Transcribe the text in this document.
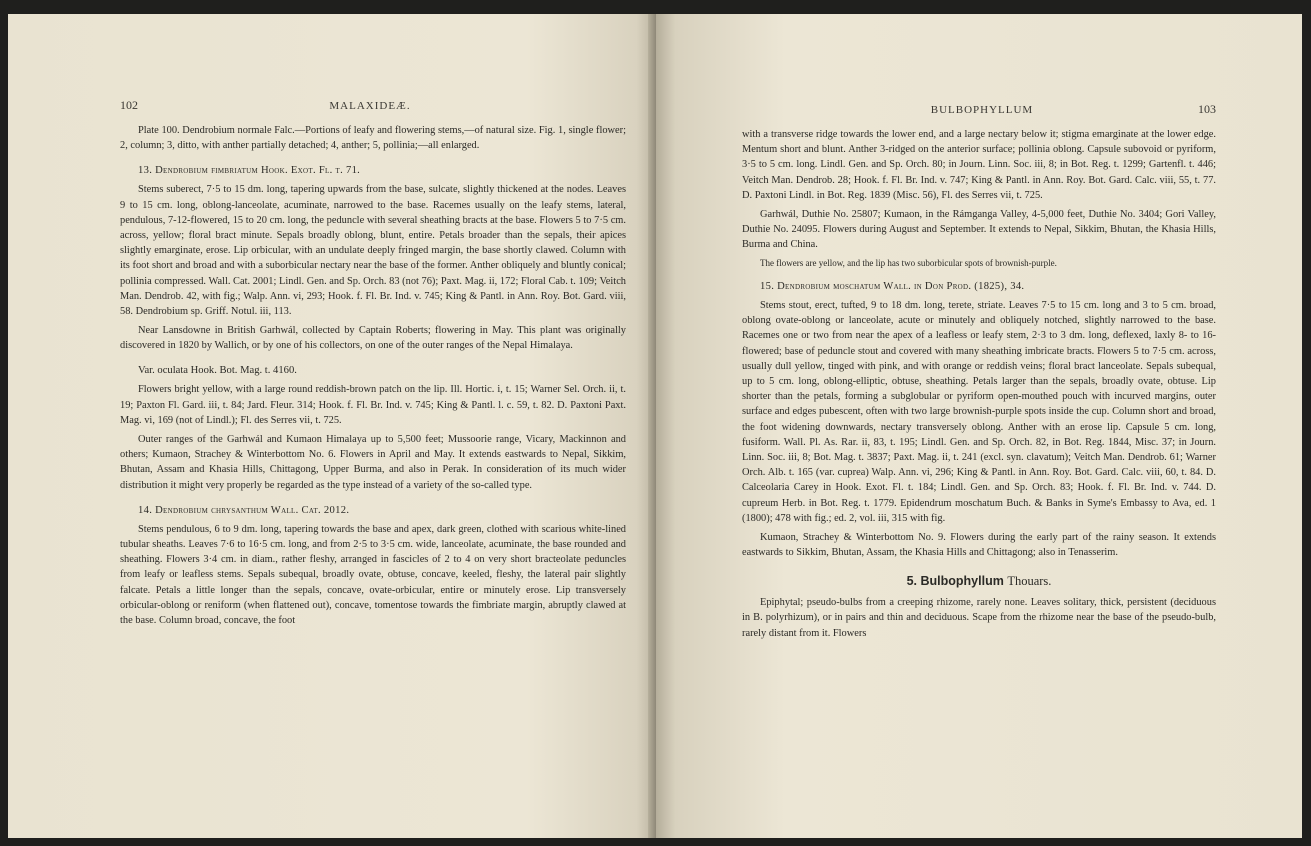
102	MALAXIDEÆ.

Plate 100. Dendrobium normale Falc.—Portions of leafy and flowering stems,—of natural size. Fig. 1, single flower; 2, column; 3, ditto, with anther partially detached; 4, anther; 5, pollinia;—all enlarged.

13. Dendrobium fimbriatum Hook. Exot. Fl. t. 71.

Stems suberect, 7·5 to 15 dm. long, tapering upwards from the base, sulcate, slightly thickened at the nodes. Leaves 9 to 15 cm. long, oblong-lanceolate, acuminate, narrowed to the base. Racemes usually on the leafy stems, lateral, pendulous, 7-12-flowered, 15 to 20 cm. long, the peduncle with several sheathing bracts at the base. Flowers 5 to 7·5 cm. across, yellow; floral bract minute. Sepals broadly oblong, blunt, entire. Petals broader than the sepals, their apices slightly emarginate, erose. Lip orbicular, with an undulate deeply fringed margin, the base shortly clawed. Column with its foot short and broad and with a suborbicular nectary near the base of the former. Anther obliquely and bluntly conical; pollinia compressed. Wall. Cat. 2001; Lindl. Gen. and Sp. Orch. 83 (not 76); Paxt. Mag. ii, 172; Floral Cab. t. 109; Veitch Man. Dendrob. 42, with fig.; Walp. Ann. vi, 293; Hook. f. Fl. Br. Ind. v. 745; King & Pantl. in Ann. Roy. Bot. Gard. viii, 58. Dendrobium sp. Griff. Notul. iii, 113.

Near Lansdowne in British Garhwál, collected by Captain Roberts; flowering in May. This plant was originally discovered in 1820 by Wallich, or by one of his collectors, on one of the outer ranges of the Nepal Himalaya.

Var. oculata Hook. Bot. Mag. t. 4160.

Flowers bright yellow, with a large round reddish-brown patch on the lip. Ill. Hortic. i, t. 15; Warner Sel. Orch. ii, t. 19; Paxton Fl. Gard. iii, t. 84; Jard. Fleur. 314; Hook. f. Fl. Br. Ind. v. 745; King & Pantl. l. c. 59, t. 82. D. Paxtoni Paxt. Mag. vi, 169 (not of Lindl.); Fl. des Serres vii, t. 725.

Outer ranges of the Garhwál and Kumaon Himalaya up to 5,500 feet; Mussoorie range, Vicary, Mackinnon and others; Kumaon, Strachey & Winterbottom No. 6. Flowers in April and May. It extends eastwards to Nepal, Sikkim, Bhutan, Assam and Khasia Hills, Chittagong, Upper Burma, and also in Perak. In consideration of its much wider distribution it might very properly be regarded as the type instead of a variety of the so-called type.

14. Dendrobium chrysanthum Wall. Cat. 2012.

Stems pendulous, 6 to 9 dm. long, tapering towards the base and apex, dark green, clothed with scarious white-lined tubular sheaths. Leaves 7·6 to 16·5 cm. long, and from 2·5 to 3·5 cm. wide, lanceolate, acuminate, the base rounded and sheathing. Flowers 3·4 cm. in diam., rather fleshy, arranged in fascicles of 2 to 4 on very short bracteolate peduncles from leafy or leafless stems. Sepals subequal, broadly ovate, obtuse, concave, keeled, fleshy, the lateral pair slightly falcate. Petals a little longer than the sepals, concave, ovate-orbicular, entire or minutely erose. Lip transversely orbicular-oblong or reniform (when flattened out), concave, tomentose towards the fimbriate margin, abruptly clawed at the base. Column broad, concave, the foot

BULBOPHYLLUM	103

with a transverse ridge towards the lower end, and a large nectary below it; stigma emarginate at the lower edge. Mentum short and blunt. Anther 3-ridged on the anterior surface; pollinia oblong. Capsule subovoid or pyriform, 3·5 to 5 cm. long. Lindl. Gen. and Sp. Orch. 80; in Journ. Linn. Soc. iii, 8; in Bot. Reg. t. 1299; Gartenfl. t. 446; Veitch Man. Dendrob. 28; Hook. f. Fl. Br. Ind. v. 747; King & Pantl. in Ann. Roy. Bot. Gard. Calc. viii, 55, t. 77. D. Paxtoni Lindl. in Bot. Reg. 1839 (Misc. 56), Fl. des Serres vii, t. 725.

Garhwál, Duthie No. 25807; Kumaon, in the Rámganga Valley, 4-5,000 feet, Duthie No. 3404; Gori Valley, Duthie No. 24095. Flowers during August and September. It extends to Nepal, Sikkim, Bhutan, the Khasia Hills, Burma and China.

The flowers are yellow, and the lip has two suborbicular spots of brownish-purple.

15. Dendrobium moschatum Wall. in Don Prod. (1825), 34.

Stems stout, erect, tufted, 9 to 18 dm. long, terete, striate. Leaves 7·5 to 15 cm. long and 3 to 5 cm. broad, oblong ovate-oblong or lanceolate, acute or minutely and obliquely notched, slightly narrowed to the base. Racemes one or two from near the apex of a leafless or leafy stem, 2·3 to 3 dm. long, deflexed, laxly 8- to 16-flowered; base of peduncle stout and covered with many sheathing imbricate bracts. Flowers 5 to 7·5 cm. across, usually dull yellow, tinged with pink, and with orange or reddish veins; floral bract lanceolate. Sepals subequal, up to 5 cm. long, oblong-elliptic, obtuse, sheathing. Petals larger than the sepals, broadly ovate, obtuse. Lip shorter than the petals, forming a subglobular or pyriform open-mouthed pouch with incurved margins, outer surface and edges pubescent, often with two large brownish-purple spots inside the cup. Column short and broad, the foot widening downwards, nectary transversely oblong. Anther with an erose lip. Capsule 5 cm. long, fusiform. Wall. Pl. As. Rar. ii, 83, t. 195; Lindl. Gen. and Sp. Orch. 82, in Bot. Reg. 1844, Misc. 37; in Journ. Linn. Soc. iii, 8; Bot. Mag. t. 3837; Paxt. Mag. ii, t. 241 (excl. syn. clavatum); Veitch Man. Dendrob. 61; Warner Orch. Alb. t. 165 (var. cuprea) Walp. Ann. vi, 296; King & Pantl. in Ann. Roy. Bot. Gard. Calc. viii, 60, t. 84. D. Calceolaria Carey in Hook. Exot. Fl. t. 184; Lindl. Gen. and Sp. Orch. 83; Hook. f. Fl. Br. Ind. v. 744. D. cupreum Herb. in Bot. Reg. t. 1779. Epidendrum moschatum Buch. & Banks in Syme's Embassy to Ava, ed. 1 (1800); 478 with fig.; ed. 2, vol. iii, 315 with fig.

Kumaon, Strachey & Winterbottom No. 9. Flowers during the early part of the rainy season. It extends eastwards to Sikkim, Bhutan, Assam, the Khasia Hills and Chittagong; also in Tenasserim.

5. Bulbophyllum Thouars.

Epiphytal; pseudo-bulbs from a creeping rhizome, rarely none. Leaves solitary, thick, persistent (deciduous in B. polyrhizum), or in pairs and thin and deciduous. Scape from the rhizome near the base of the pseudo-bulb, rarely distant from it. Flowers
